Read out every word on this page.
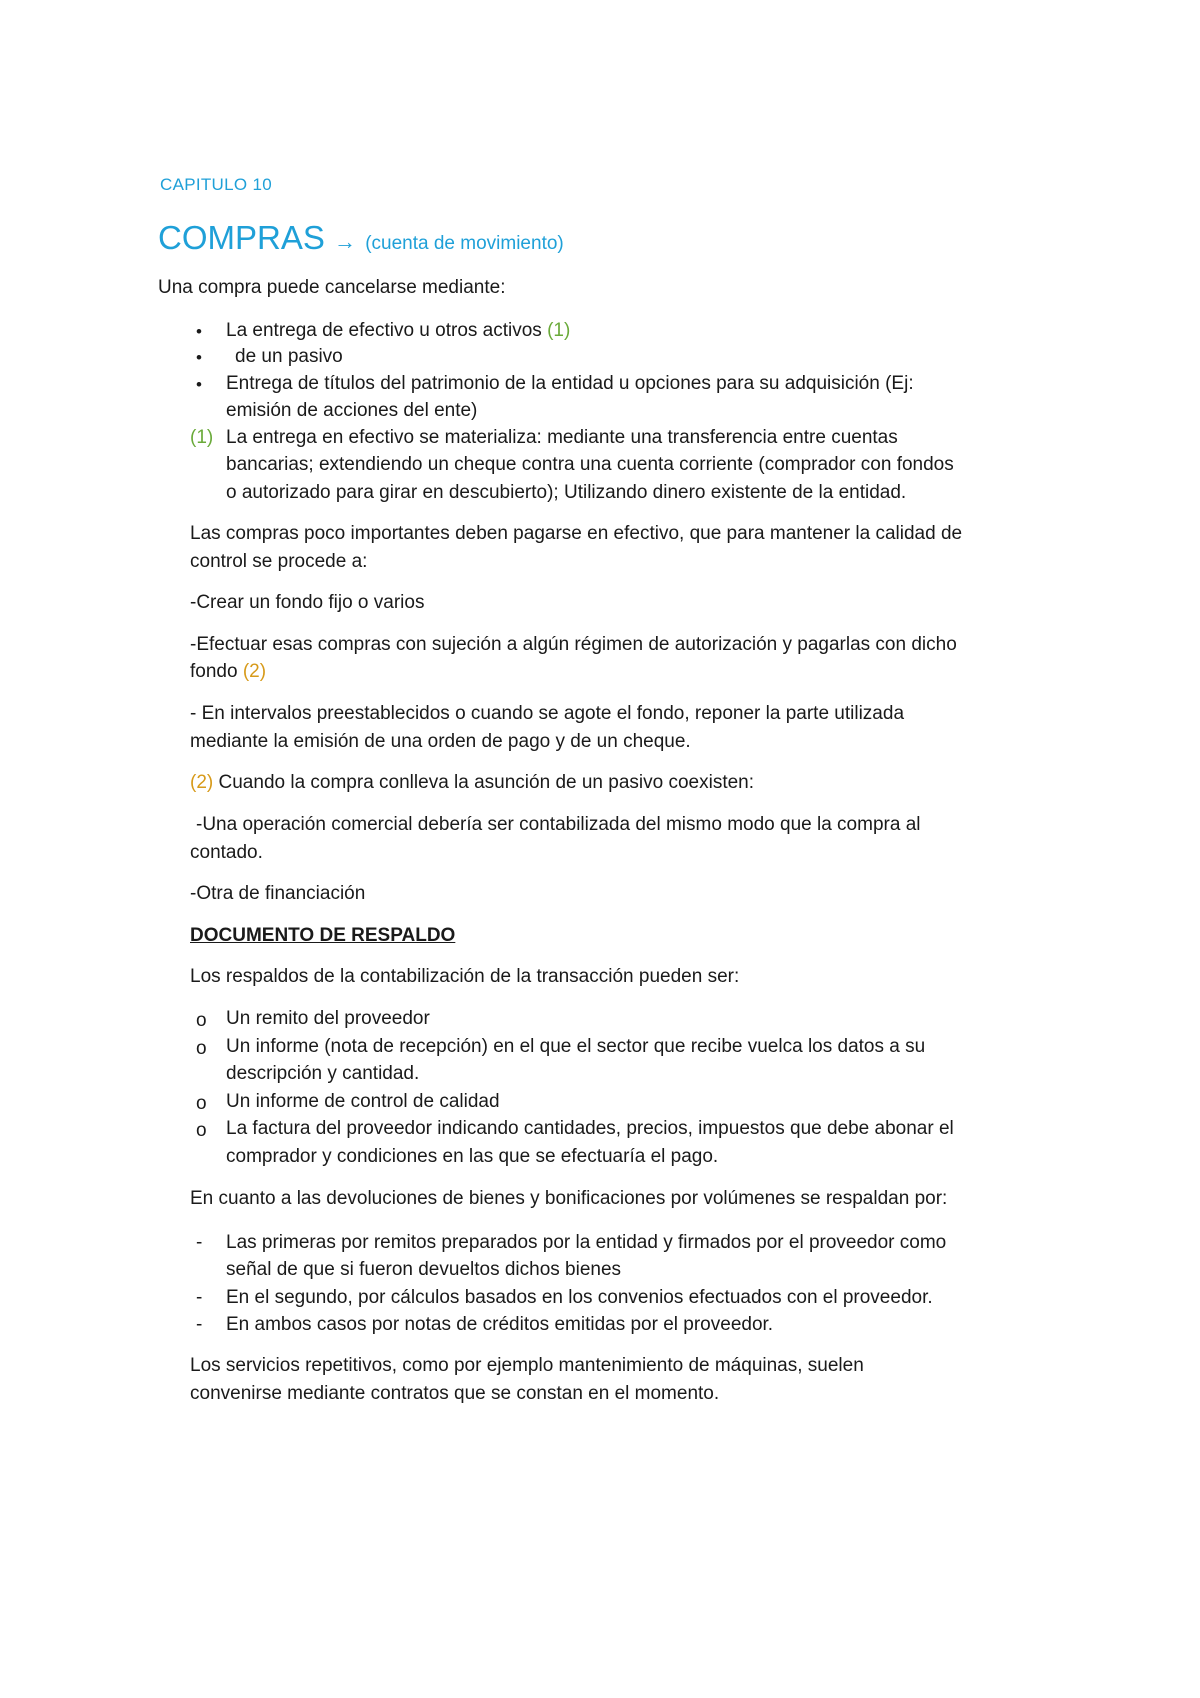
CAPITULO 10
COMPRAS → (cuenta de movimiento)
Una compra puede cancelarse mediante:
• La entrega de efectivo u otros activos (1)
• de un pasivo
• Entrega de títulos del patrimonio de la entidad u opciones para su adquisición (Ej:
emisión de acciones del ente)
(1) La entrega en efectivo se materializa: mediante una transferencia entre cuentas
bancarias; extendiendo un cheque contra una cuenta corriente (comprador con fondos
o autorizado para girar en descubierto); Utilizando dinero existente de la entidad.
Las compras poco importantes deben pagarse en efectivo, que para mantener la calidad de
control se procede a:
-Crear un fondo fijo o varios
-Efectuar esas compras con sujeción a algún régimen de autorización y pagarlas con dicho
fondo (2)
- En intervalos preestablecidos o cuando se agote el fondo, reponer la parte utilizada
mediante la emisión de una orden de pago y de un cheque.
(2) Cuando la compra conlleva la asunción de un pasivo coexisten:
-Una operación comercial debería ser contabilizada del mismo modo que la compra al
contado.
-Otra de financiación
DOCUMENTO DE RESPALDO
Los respaldos de la contabilización de la transacción pueden ser:
o Un remito del proveedor
o Un informe (nota de recepción) en el que el sector que recibe vuelca los datos a su
descripción y cantidad.
o Un informe de control de calidad
o La factura del proveedor indicando cantidades, precios, impuestos que debe abonar el
comprador y condiciones en las que se efectuaría el pago.
En cuanto a las devoluciones de bienes y bonificaciones por volúmenes se respaldan por:
- Las primeras por remitos preparados por la entidad y firmados por el proveedor como
señal de que si fueron devueltos dichos bienes
- En el segundo, por cálculos basados en los convenios efectuados con el proveedor.
- En ambos casos por notas de créditos emitidas por el proveedor.
Los servicios repetitivos, como por ejemplo mantenimiento de máquinas, suelen
convenirse mediante contratos que se constan en el momento.
